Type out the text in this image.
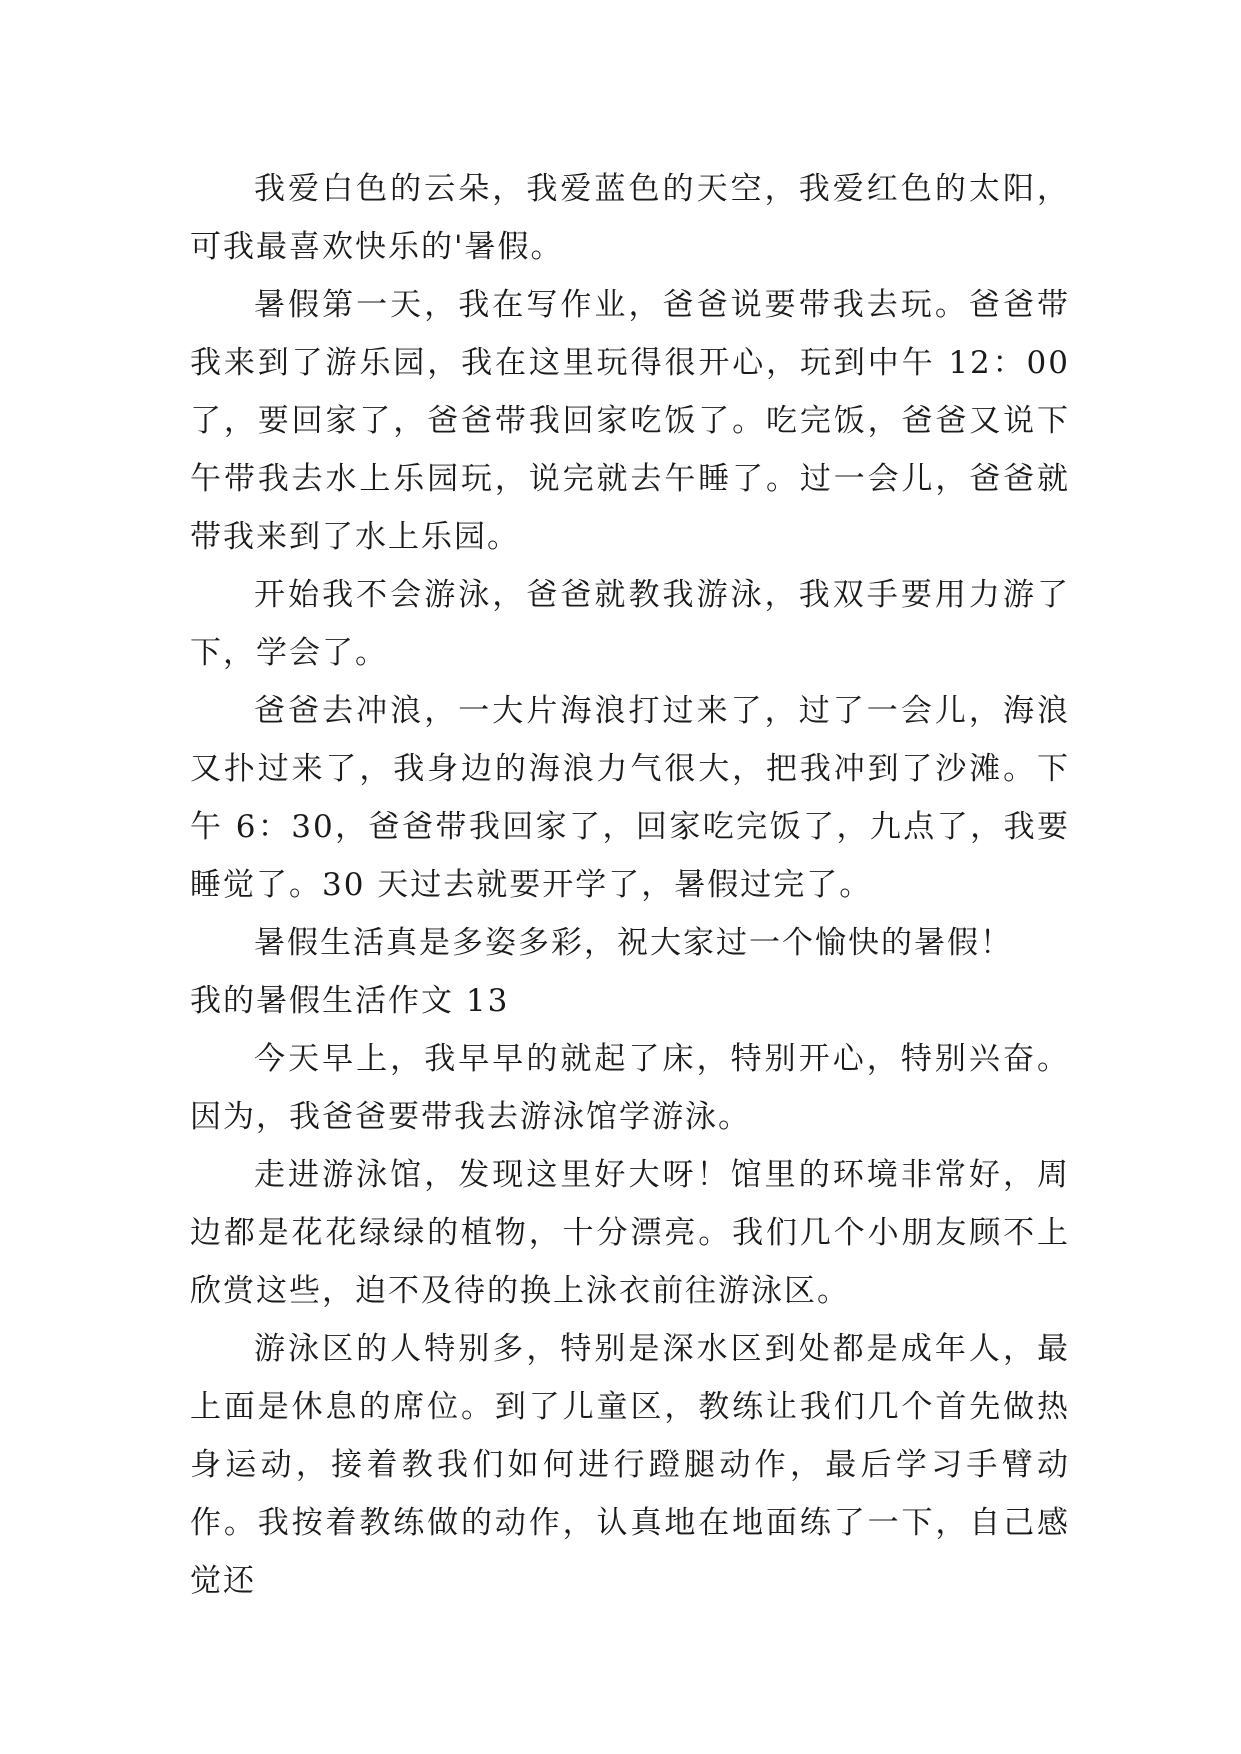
我爱白色的云朵，我爱蓝色的天空，我爱红色的太阳，可我最喜欢快乐的'暑假。

暑假第一天，我在写作业，爸爸说要带我去玩。爸爸带我来到了游乐园，我在这里玩得很开心，玩到中午 12：00了，要回家了，爸爸带我回家吃饭了。吃完饭，爸爸又说下午带我去水上乐园玩，说完就去午睡了。过一会儿，爸爸就带我来到了水上乐园。

开始我不会游泳，爸爸就教我游泳，我双手要用力游了下，学会了。

爸爸去冲浪，一大片海浪打过来了，过了一会儿，海浪又扑过来了，我身边的海浪力气很大，把我冲到了沙滩。下午 6：30，爸爸带我回家了，回家吃完饭了，九点了，我要睡觉了。30 天过去就要开学了，暑假过完了。

暑假生活真是多姿多彩，祝大家过一个愉快的暑假！

我的暑假生活作文 13

今天早上，我早早的就起了床，特别开心，特别兴奋。因为，我爸爸要带我去游泳馆学游泳。

走进游泳馆，发现这里好大呀！馆里的环境非常好，周边都是花花绿绿的植物，十分漂亮。我们几个小朋友顾不上欣赏这些，迫不及待的换上泳衣前往游泳区。

游泳区的人特别多，特别是深水区到处都是成年人，最上面是休息的席位。到了儿童区，教练让我们几个首先做热身运动，接着教我们如何进行蹬腿动作，最后学习手臂动作。我按着教练做的动作，认真地在地面练了一下，自己感觉还
